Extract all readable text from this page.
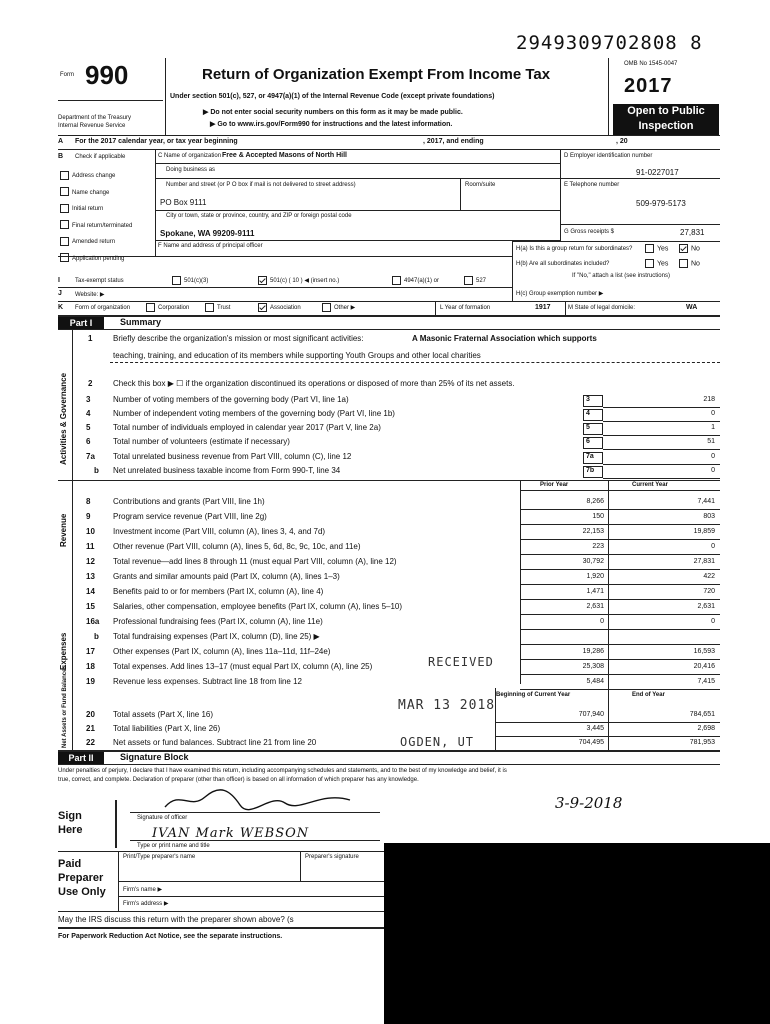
2949309702808 8
Form 990	Return of Organization Exempt From Income Tax
Under section 501(c), 527, or 4947(a)(1) of the Internal Revenue Code (except private foundations)
▶ Do not enter social security numbers on this form as it may be made public.
▶ Go to www.irs.gov/Form990 for instructions and the latest information.
Department of the Treasury
Internal Revenue Service
OMB No 1545-0047
2017
Open to Public
Inspection
A For the 2017 calendar year, or tax year beginning	, 2017, and ending	, 20
B Check if applicable
Address change
Name change
Initial return
Final return/terminated
Amended return
Application pending
C Name of organization Free & Accepted Masons of North Hill
Doing business as
Number and street (or P O box if mail is not delivered to street address)	Room/suite
PO Box 9111
City or town, state or province, country, and ZIP or foreign postal code
Spokane, WA 99209-9111
F Name and address of principal officer
D Employer identification number
91-0227017
E Telephone number
509-979-5173
G Gross receipts $	27,831
H(a) Is this a group return for subordinates?	Yes	No
H(b) Are all subordinates included?	Yes	No
If "No," attach a list (see instructions)
H(c) Group exemption number ▶
I	Tax-exempt status	501(c)(3)	501(c) ( 10 ) ◀ (insert no.)	4947(a)(1) or	527
J Website: ▶
K Form of organization	Corporation	Trust	Association	Other ▶	L Year of formation	1917	M State of legal domicile:	WA
Part I	Summary
1	Briefly describe the organization's mission or most significant activities:	A Masonic Fraternal Association which supports
teaching, training, and education of its members while supporting Youth Groups and other local charities
Activities & Governance
Revenue
Expenses
Net Assets or Fund Balances
2	Check this box ▶ ☐ if the organization discontinued its operations or disposed of more than 25% of its net assets.
3	Number of voting members of the governing body (Part VI, line 1a)	3	218
4	Number of independent voting members of the governing body (Part VI, line 1b)	4	0
5	Total number of individuals employed in calendar year 2017 (Part V, line 2a)	5	1
6	Total number of volunteers (estimate if necessary)	6	51
7a Total unrelated business revenue from Part VIII, column (C), line 12	7a	0
b Net unrelated business taxable income from Form 990-T, line 34	7b	0
Prior Year	Current Year
8	Contributions and grants (Part VIII, line 1h)	8,266	7,441
9	Program service revenue (Part VIII, line 2g)	150	803
10 Investment income (Part VIII, column (A), lines 3, 4, and 7d)	22,153	19,859
11 Other revenue (Part VIII, column (A), lines 5, 6d, 8c, 9c, 10c, and 11e)	223	0
12 Total revenue—add lines 8 through 11 (must equal Part VIII, column (A), line 12)	30,792	27,831
13 Grants and similar amounts paid (Part IX, column (A), lines 1–3)	1,920	422
14 Benefits paid to or for members (Part IX, column (A), line 4)	1,471	720
15 Salaries, other compensation, employee benefits (Part IX, column (A), lines 5–10)	2,631	2,631
16a Professional fundraising fees (Part IX, column (A), line 11e)	0	0
b Total fundraising expenses (Part IX, column (D), line 25) ▶
17 Other expenses (Part IX, column (A), lines 11a–11d, 11f–24e)	19,286	16,593
18 Total expenses. Add lines 13–17 (must equal Part IX, column (A), line 25)	25,308	20,416
19 Revenue less expenses. Subtract line 18 from line 12	5,484	7,415
Beginning of Current Year	End of Year
20 Total assets (Part X, line 16)	707,940	784,651
21 Total liabilities (Part X, line 26)	3,445	2,698
22 Net assets or fund balances. Subtract line 21 from line 20	704,495	781,953
Part II	Signature Block
Under penalties of perjury, I declare that I have examined this return, including accompanying schedules and statements, and to the best of my knowledge and belief, it is
true, correct, and complete. Declaration of preparer (other than officer) is based on all information of which preparer has any knowledge.
Sign
Here
Signature of officer
3-9-2018
IVAN Mark WEBSON
Type or print name and title
Paid
Preparer
Use Only
Print/Type preparer's name	Preparer's signature
Firm's name ▶
Firm's address ▶
May the IRS discuss this return with the preparer shown above? (s
For Paperwork Reduction Act Notice, see the separate instructions.
RECEIVED
MAR 13 2018
OGDEN, UT
